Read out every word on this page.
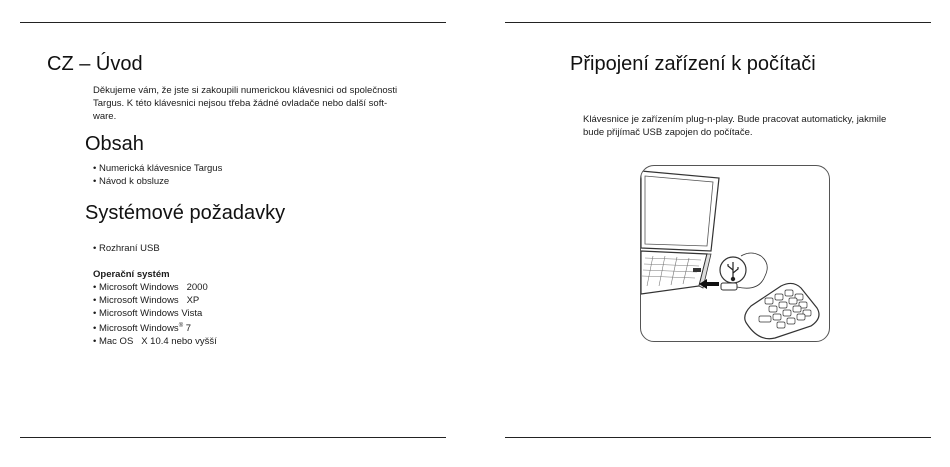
CZ – Úvod
Děkujeme vám, že jste si zakoupili numerickou klávesnici od společnosti
Targus. K této klávesnici nejsou třeba žádné ovladače nebo další soft-
ware.
Obsah
• Numerická klávesnice Targus
• Návod k obsluze
Systémové požadavky
• Rozhraní USB
Operační systém
• Microsoft Windows   2000
• Microsoft Windows   XP
• Microsoft Windows Vista
• Microsoft Windows® 7
• Mac OS   X 10.4 nebo vyšší
Připojení zařízení k počítači
Klávesnice je zařízením plug-n-play. Bude pracovat automaticky, jakmile
bude přijímač USB zapojen do počítače.
